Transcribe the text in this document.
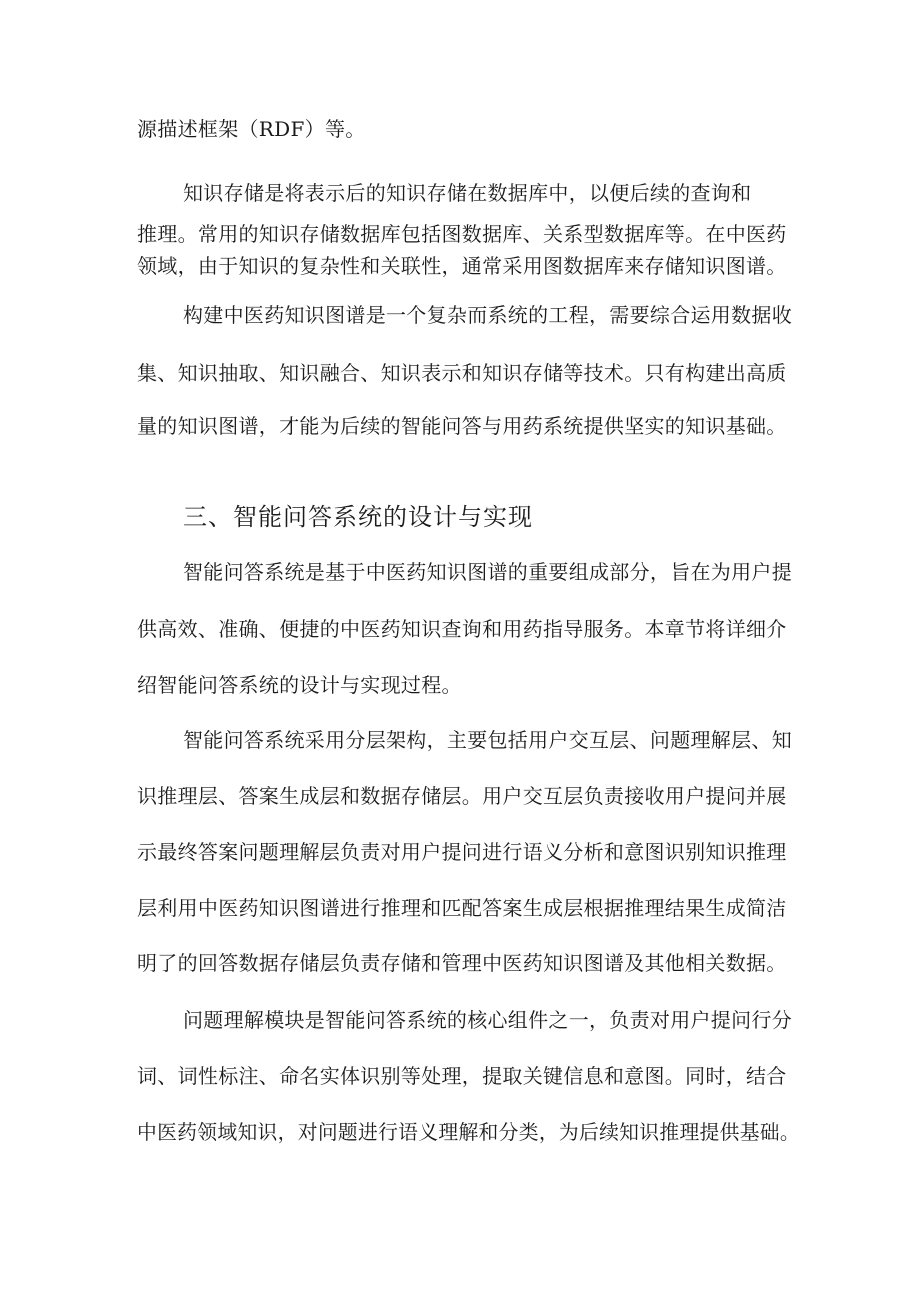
源描述框架（RDF）等。
知识存储是将表示后的知识存储在数据库中，以便后续的查询和
推理。常用的知识存储数据库包括图数据库、关系型数据库等。在中医药
领域，由于知识的复杂性和关联性，通常采用图数据库来存储知识图谱。
构建中医药知识图谱是一个复杂而系统的工程，需要综合运用数据收
集、知识抽取、知识融合、知识表示和知识存储等技术。只有构建出高质
量的知识图谱，才能为后续的智能问答与用药系统提供坚实的知识基础。
三、智能问答系统的设计与实现
智能问答系统是基于中医药知识图谱的重要组成部分，旨在为用户提
供高效、准确、便捷的中医药知识查询和用药指导服务。本章节将详细介
绍智能问答系统的设计与实现过程。
智能问答系统采用分层架构，主要包括用户交互层、问题理解层、知
识推理层、答案生成层和数据存储层。用户交互层负责接收用户提问并展
示最终答案问题理解层负责对用户提问进行语义分析和意图识别知识推理
层利用中医药知识图谱进行推理和匹配答案生成层根据推理结果生成简洁
明了的回答数据存储层负责存储和管理中医药知识图谱及其他相关数据。
问题理解模块是智能问答系统的核心组件之一，负责对用户提问行分
词、词性标注、命名实体识别等处理，提取关键信息和意图。同时，结合
中医药领域知识，对问题进行语义理解和分类，为后续知识推理提供基础。
